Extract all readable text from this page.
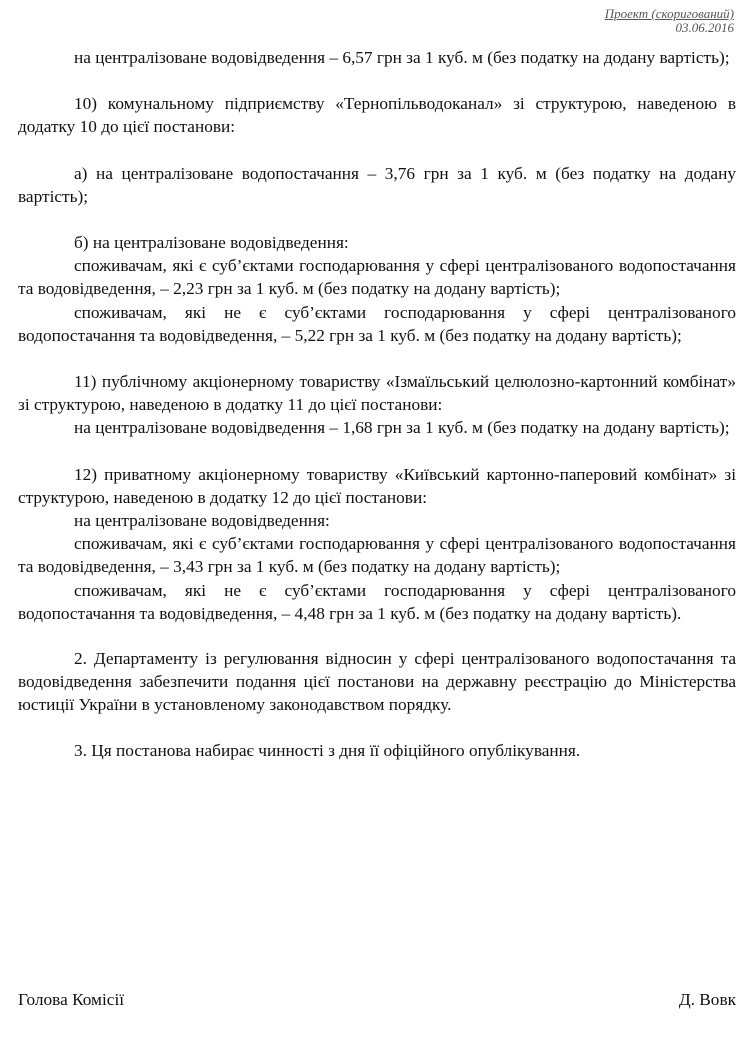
Проект (скоригований)
03.06.2016

на централізоване водовідведення – 6,57 грн за 1 куб. м (без податку на додану вартість);

10) комунальному підприємству «Тернопільводоканал» зі структурою, наведеною в додатку 10 до цієї постанови:

а) на централізоване водопостачання – 3,76 грн за 1 куб. м (без податку на додану вартість);

б) на централізоване водовідведення:

споживачам, які є суб’єктами господарювання у сфері централізованого водопостачання та водовідведення, – 2,23 грн за 1 куб. м (без податку на додану вартість);

споживачам, які не є суб’єктами господарювання у сфері централізованого водопостачання та водовідведення, – 5,22 грн за 1 куб. м (без податку на додану вартість);

11) публічному акціонерному товариству «Ізмаїльський целюлозно-картонний комбінат» зі структурою, наведеною в додатку 11 до цієї постанови:

на централізоване водовідведення – 1,68 грн за 1 куб. м (без податку на додану вартість);

12) приватному акціонерному товариству «Київський картонно-паперовий комбінат» зі структурою, наведеною в додатку 12 до цієї постанови:

на централізоване водовідведення:

споживачам, які є суб’єктами господарювання у сфері централізованого водопостачання та водовідведення, – 3,43 грн за 1 куб. м (без податку на додану вартість);

споживачам, які не є суб’єктами господарювання у сфері централізованого водопостачання та водовідведення, – 4,48 грн за 1 куб. м (без податку на додану вартість).

2. Департаменту із регулювання відносин у сфері централізованого водопостачання та водовідведення забезпечити подання цієї постанови на державну реєстрацію до Міністерства юстиції України в установленому законодавством порядку.

3. Ця постанова набирає чинності з дня її офіційного опублікування.

Голова Комісії	Д. Вовк
